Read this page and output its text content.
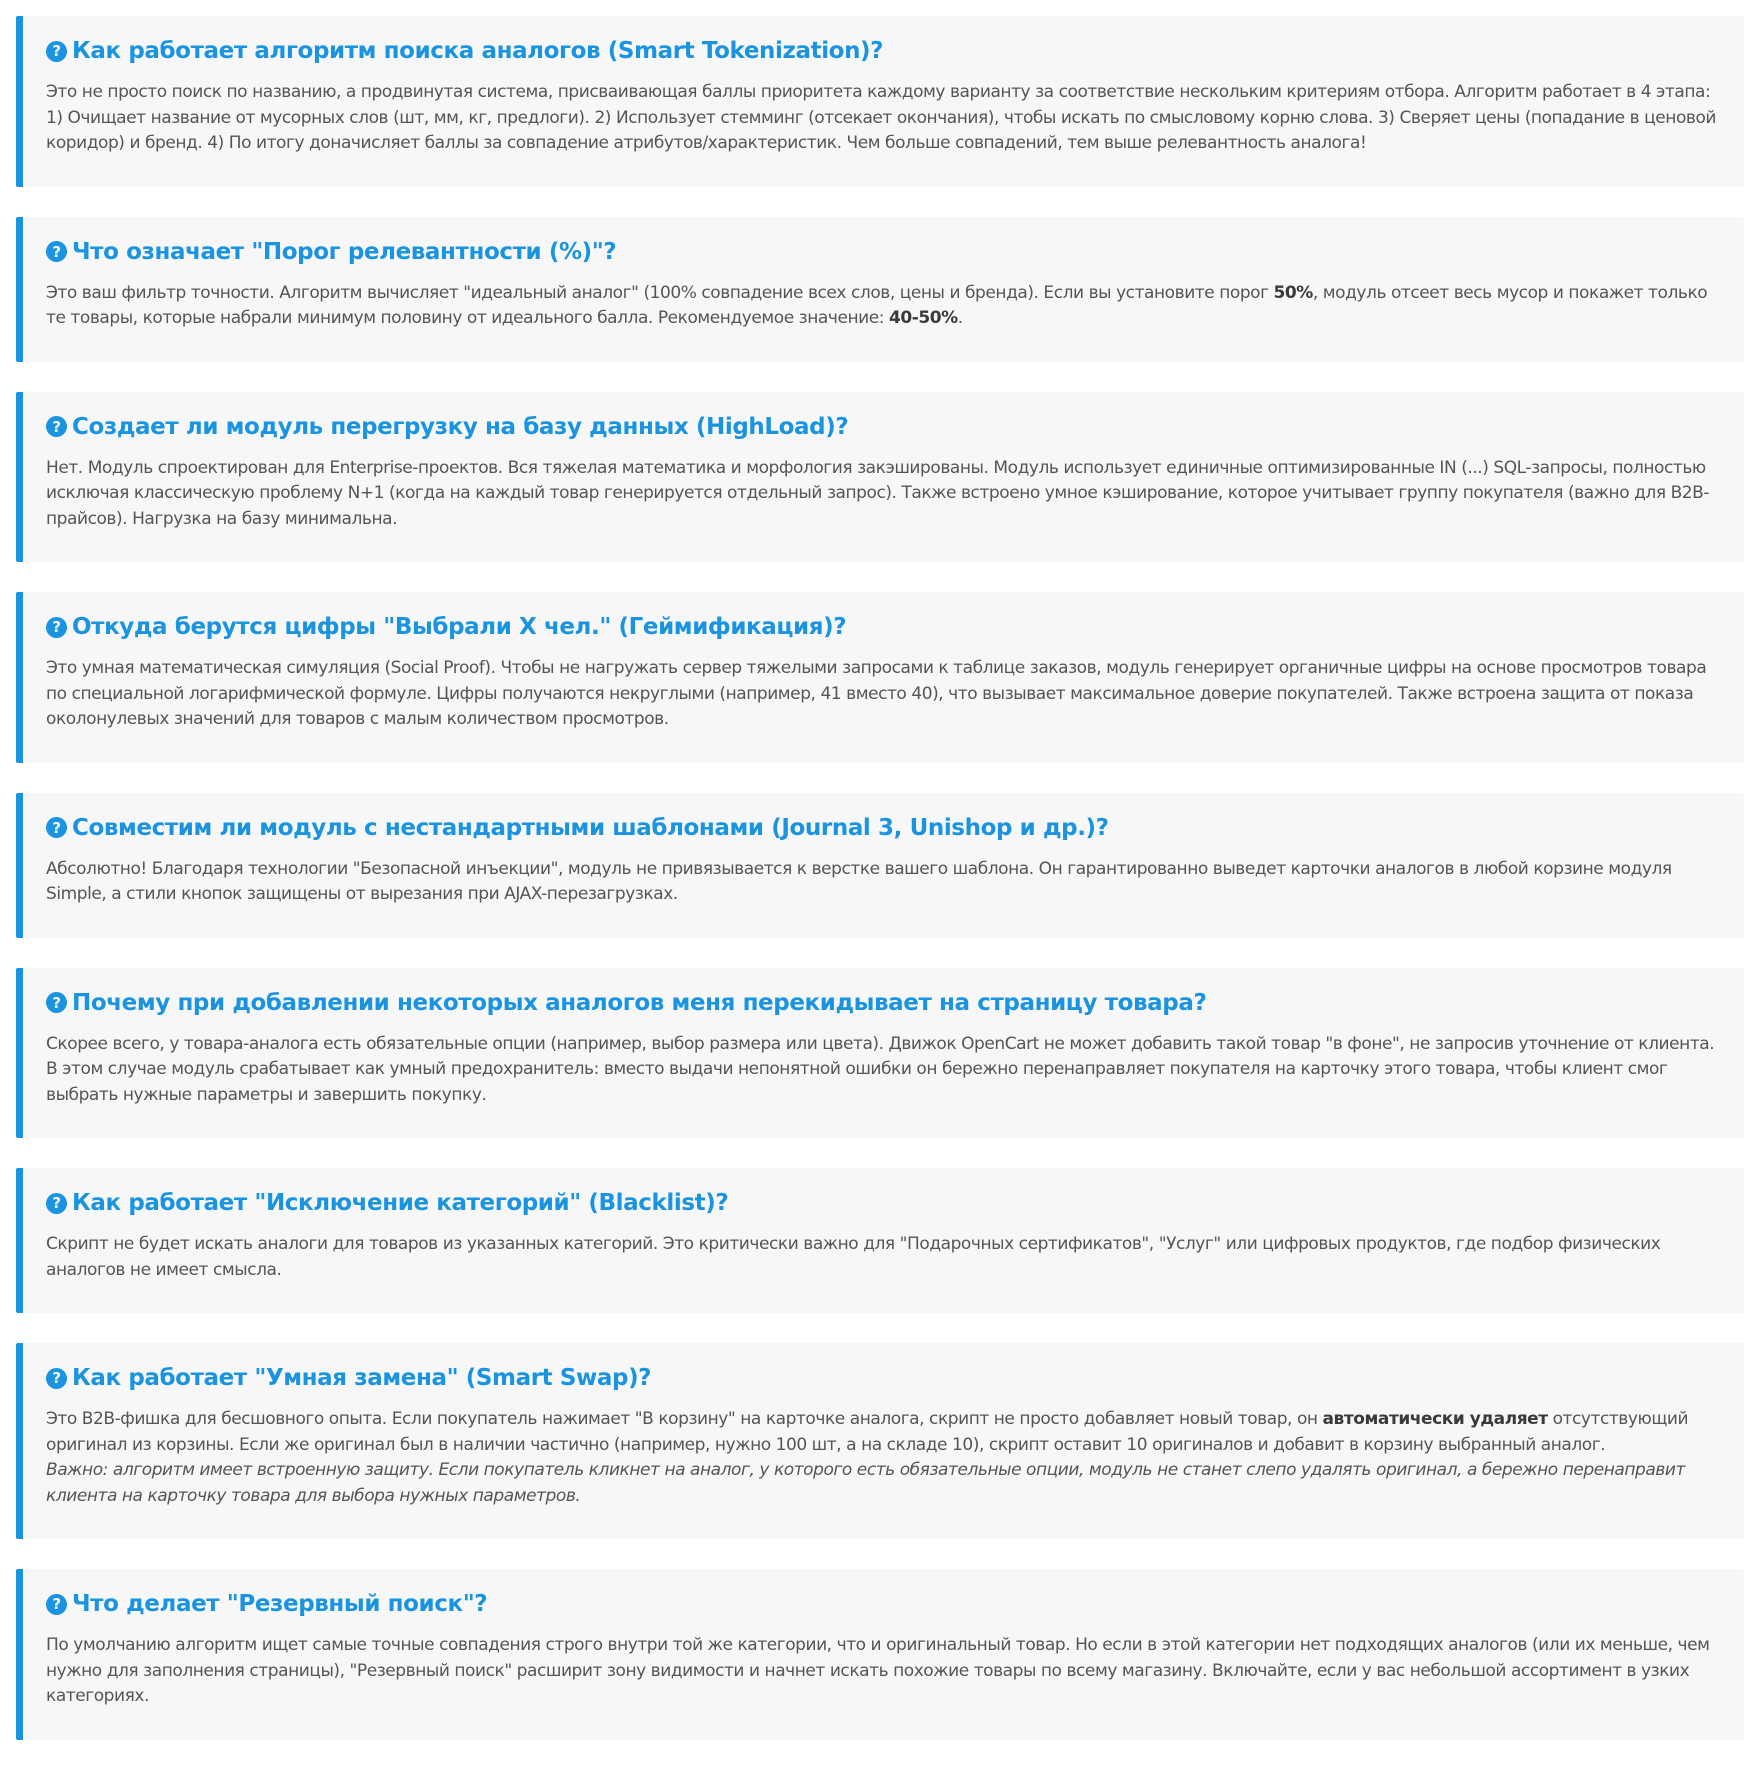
? Как работает алгоритм поиска аналогов (Smart Tokenization)?

Это не просто поиск по названию, а продвинутая система, присваивающая баллы приоритета каждому варианту за соответствие нескольким критериям отбора. Алгоритм работает в 4 этапа: 1) Очищает название от мусорных слов (шт, мм, кг, предлоги). 2) Использует стемминг (отсекает окончания), чтобы искать по смысловому корню слова. 3) Сверяет цены (попадание в ценовой коридор) и бренд. 4) По итогу доначисляет баллы за совпадение атрибутов/характеристик. Чем больше совпадений, тем выше релевантность аналога!

? Что означает "Порог релевантности (%)"?

Это ваш фильтр точности. Алгоритм вычисляет "идеальный аналог" (100% совпадение всех слов, цены и бренда). Если вы установите порог 50%, модуль отсеет весь мусор и покажет только те товары, которые набрали минимум половину от идеального балла. Рекомендуемое значение: 40-50%.

? Создает ли модуль перегрузку на базу данных (HighLoad)?

Нет. Модуль спроектирован для Enterprise-проектов. Вся тяжелая математика и морфология закэшированы. Модуль использует единичные оптимизированные IN (...) SQL-запросы, полностью исключая классическую проблему N+1 (когда на каждый товар генерируется отдельный запрос). Также встроено умное кэширование, которое учитывает группу покупателя (важно для B2B-прайсов). Нагрузка на базу минимальна.

? Откуда берутся цифры "Выбрали X чел." (Геймификация)?

Это умная математическая симуляция (Social Proof). Чтобы не нагружать сервер тяжелыми запросами к таблице заказов, модуль генерирует органичные цифры на основе просмотров товара по специальной логарифмической формуле. Цифры получаются некруглыми (например, 41 вместо 40), что вызывает максимальное доверие покупателей. Также встроена защита от показа околонулевых значений для товаров с малым количеством просмотров.

? Совместим ли модуль с нестандартными шаблонами (Journal 3, Unishop и др.)?

Абсолютно! Благодаря технологии "Безопасной инъекции", модуль не привязывается к верстке вашего шаблона. Он гарантированно выведет карточки аналогов в любой корзине модуля Simple, а стили кнопок защищены от вырезания при AJAX-перезагрузках.

? Почему при добавлении некоторых аналогов меня перекидывает на страницу товара?

Скорее всего, у товара-аналога есть обязательные опции (например, выбор размера или цвета). Движок OpenCart не может добавить такой товар "в фоне", не запросив уточнение от клиента. В этом случае модуль срабатывает как умный предохранитель: вместо выдачи непонятной ошибки он бережно перенаправляет покупателя на карточку этого товара, чтобы клиент смог выбрать нужные параметры и завершить покупку.

? Как работает "Исключение категорий" (Blacklist)?

Скрипт не будет искать аналоги для товаров из указанных категорий. Это критически важно для "Подарочных сертификатов", "Услуг" или цифровых продуктов, где подбор физических аналогов не имеет смысла.

? Как работает "Умная замена" (Smart Swap)?

Это B2B-фишка для бесшовного опыта. Если покупатель нажимает "В корзину" на карточке аналога, скрипт не просто добавляет новый товар, он автоматически удаляет отсутствующий оригинал из корзины. Если же оригинал был в наличии частично (например, нужно 100 шт, а на складе 10), скрипт оставит 10 оригиналов и добавит в корзину выбранный аналог.
Важно: алгоритм имеет встроенную защиту. Если покупатель кликнет на аналог, у которого есть обязательные опции, модуль не станет слепо удалять оригинал, а бережно перенаправит клиента на карточку товара для выбора нужных параметров.

? Что делает "Резервный поиск"?

По умолчанию алгоритм ищет самые точные совпадения строго внутри той же категории, что и оригинальный товар. Но если в этой категории нет подходящих аналогов (или их меньше, чем нужно для заполнения страницы), "Резервный поиск" расширит зону видимости и начнет искать похожие товары по всему магазину. Включайте, если у вас небольшой ассортимент в узких категориях.
